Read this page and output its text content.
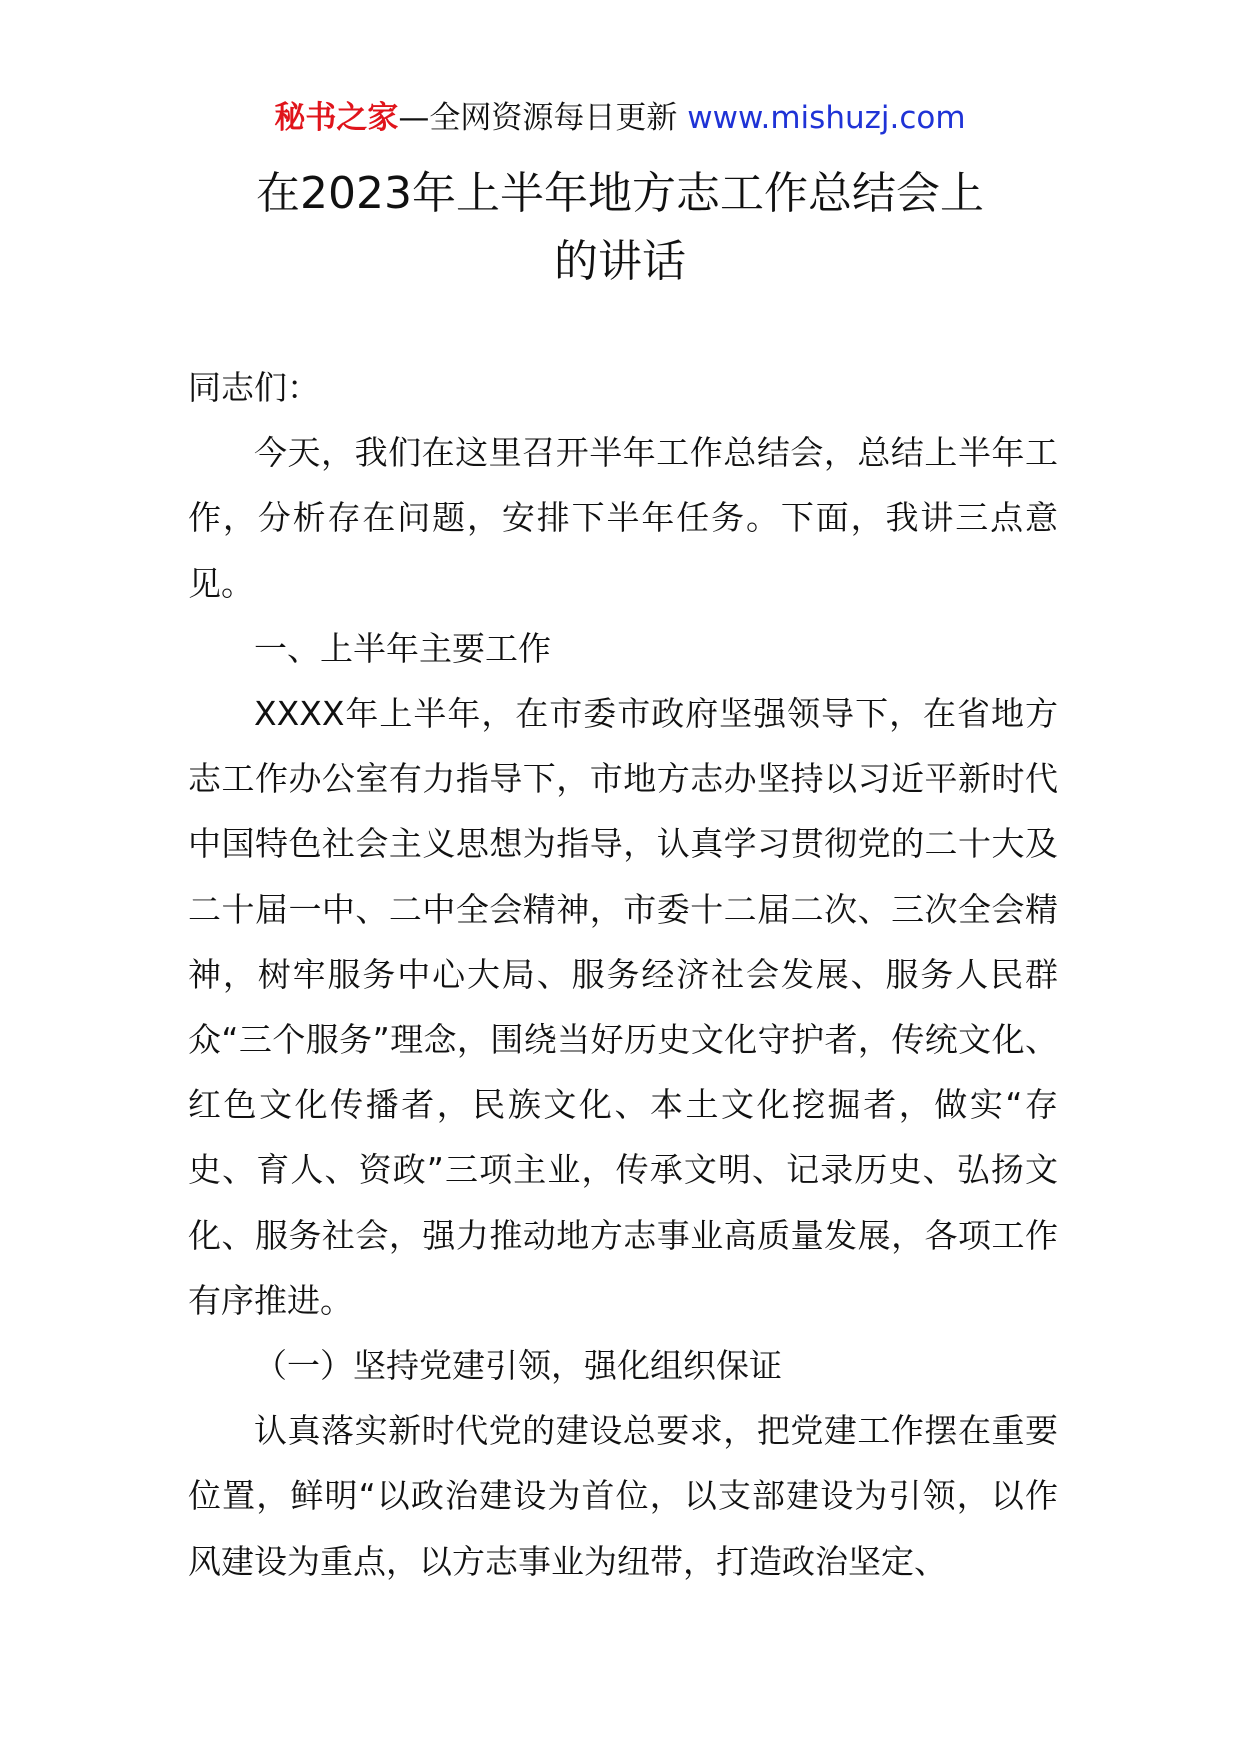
秘书之家—全网资源每日更新 www.mishuzj.com
在2023年上半年地方志工作总结会上
的讲话

同志们：

今天，我们在这里召开半年工作总结会，总结上半年工作，分析存在问题，安排下半年任务。下面，我讲三点意见。

一、上半年主要工作

XXXX年上半年，在市委市政府坚强领导下，在省地方志工作办公室有力指导下，市地方志办坚持以习近平新时代中国特色社会主义思想为指导，认真学习贯彻党的二十大及二十届一中、二中全会精神，市委十二届二次、三次全会精神，树牢服务中心大局、服务经济社会发展、服务人民群众“三个服务”理念，围绕当好历史文化守护者，传统文化、红色文化传播者，民族文化、本土文化挖掘者，做实“存史、育人、资政”三项主业，传承文明、记录历史、弘扬文化、服务社会，强力推动地方志事业高质量发展，各项工作有序推进。

（一）坚持党建引领，强化组织保证

认真落实新时代党的建设总要求，把党建工作摆在重要位置，鲜明“以政治建设为首位，以支部建设为引领，以作风建设为重点，以方志事业为纽带，打造政治坚定、
